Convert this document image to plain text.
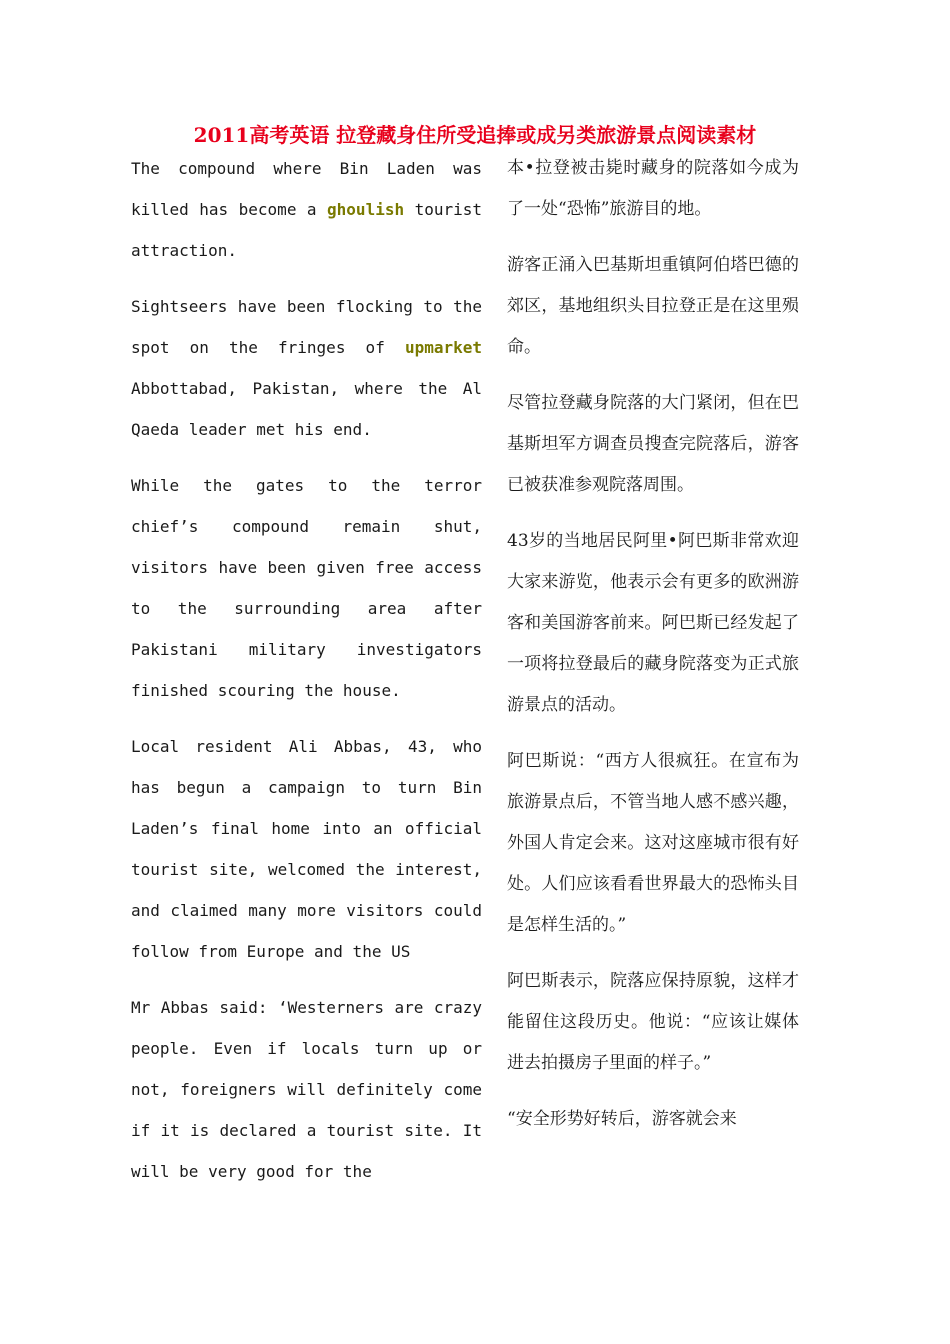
2011高考英语 拉登藏身住所受追捧或成另类旅游景点阅读素材

The compound where Bin Laden was killed has become a ghoulish tourist attraction.

Sightseers have been flocking to the spot on the fringes of upmarket Abbottabad, Pakistan, where the Al Qaeda leader met his end.

While the gates to the terror chief’s compound remain shut, visitors have been given free access to the surrounding area after Pakistani military investigators finished scouring the house.

Local resident Ali Abbas, 43, who has begun a campaign to turn Bin Laden’s final home into an official tourist site, welcomed the interest, and claimed many more visitors could follow from Europe and the US

Mr Abbas said: ‘Westerners are crazy people. Even if locals turn up or not, foreigners will definitely come if it is declared a tourist site. It will be very good for the

本•拉登被击毙时藏身的院落如今成为了一处“恐怖”旅游目的地。

游客正涌入巴基斯坦重镇阿伯塔巴德的郊区，基地组织头目拉登正是在这里殒命。

尽管拉登藏身院落的大门紧闭，但在巴基斯坦军方调查员搜查完院落后，游客已被获准参观院落周围。

43岁的当地居民阿里•阿巴斯非常欢迎大家来游览，他表示会有更多的欧洲游客和美国游客前来。阿巴斯已经发起了一项将拉登最后的藏身院落变为正式旅游景点的活动。

阿巴斯说：“西方人很疯狂。在宣布为旅游景点后，不管当地人感不感兴趣，外国人肯定会来。这对这座城市很有好处。人们应该看看世界最大的恐怖头目是怎样生活的。”

阿巴斯表示，院落应保持原貌，这样才能留住这段历史。他说：“应该让媒体进去拍摄房子里面的样子。”

“安全形势好转后，游客就会来
